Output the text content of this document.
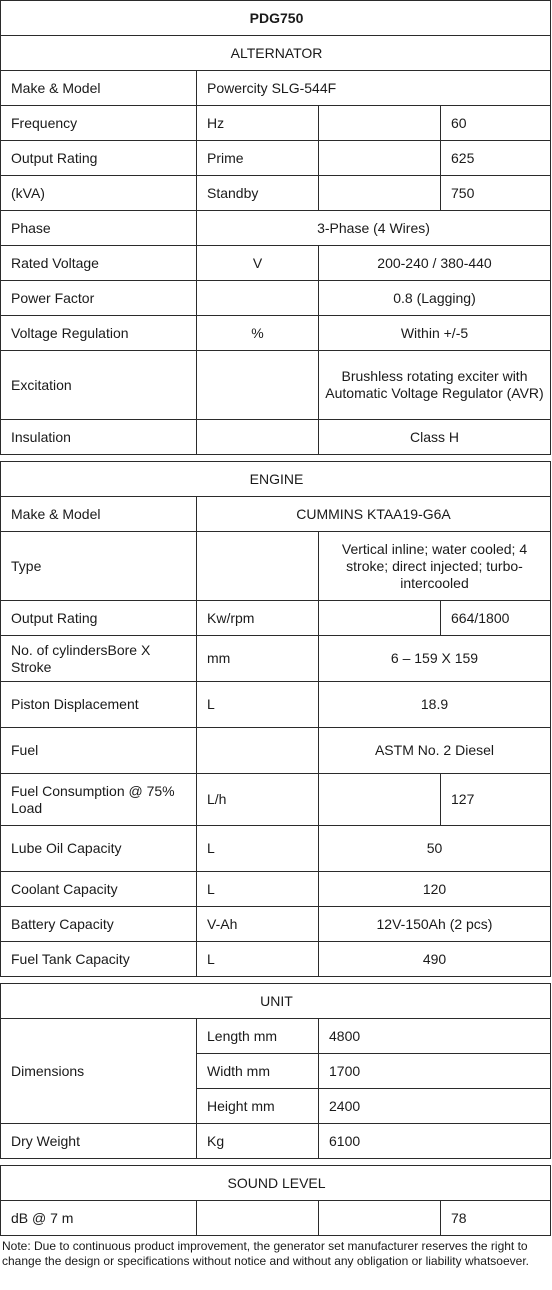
PDG750			
ALTERNATOR			
Make & Model	Powercity SLG-544F		
Frequency	Hz		60
Output Rating	Prime		625
(kVA)	Standby		750
Phase	3-Phase (4 Wires)		
Rated Voltage	V	200-240 / 380-440	
Power Factor		0.8 (Lagging)	
Voltage Regulation	%	Within +/-5	
Excitation		Brushless rotating exciter with Automatic Voltage Regulator (AVR)	
Insulation		Class H	
ENGINE			
Make & Model	CUMMINS KTAA19-G6A		
Type		Vertical inline; water cooled; 4 stroke; direct injected; turbo-intercooled	
Output Rating	Kw/rpm		664/1800
No. of cylindersBore X Stroke	mm	6 – 159 X 159	
Piston Displacement	L	18.9	
Fuel		ASTM No. 2 Diesel	
Fuel Consumption @ 75% Load	L/h		127
Lube Oil Capacity	L	50	
Coolant Capacity	L	120	
Battery Capacity	V-Ah	12V-150Ah (2 pcs)	
Fuel Tank Capacity	L	490	
UNIT		
Dimensions	Length mm	4800
	Width mm	1700
	Height mm	2400
Dry Weight	Kg	6100
SOUND LEVEL
dB @ 7 m			78
Note: Due to continuous product improvement, the generator set manufacturer reserves the right to change the design or specifications without notice and without any obligation or liability whatsoever.
